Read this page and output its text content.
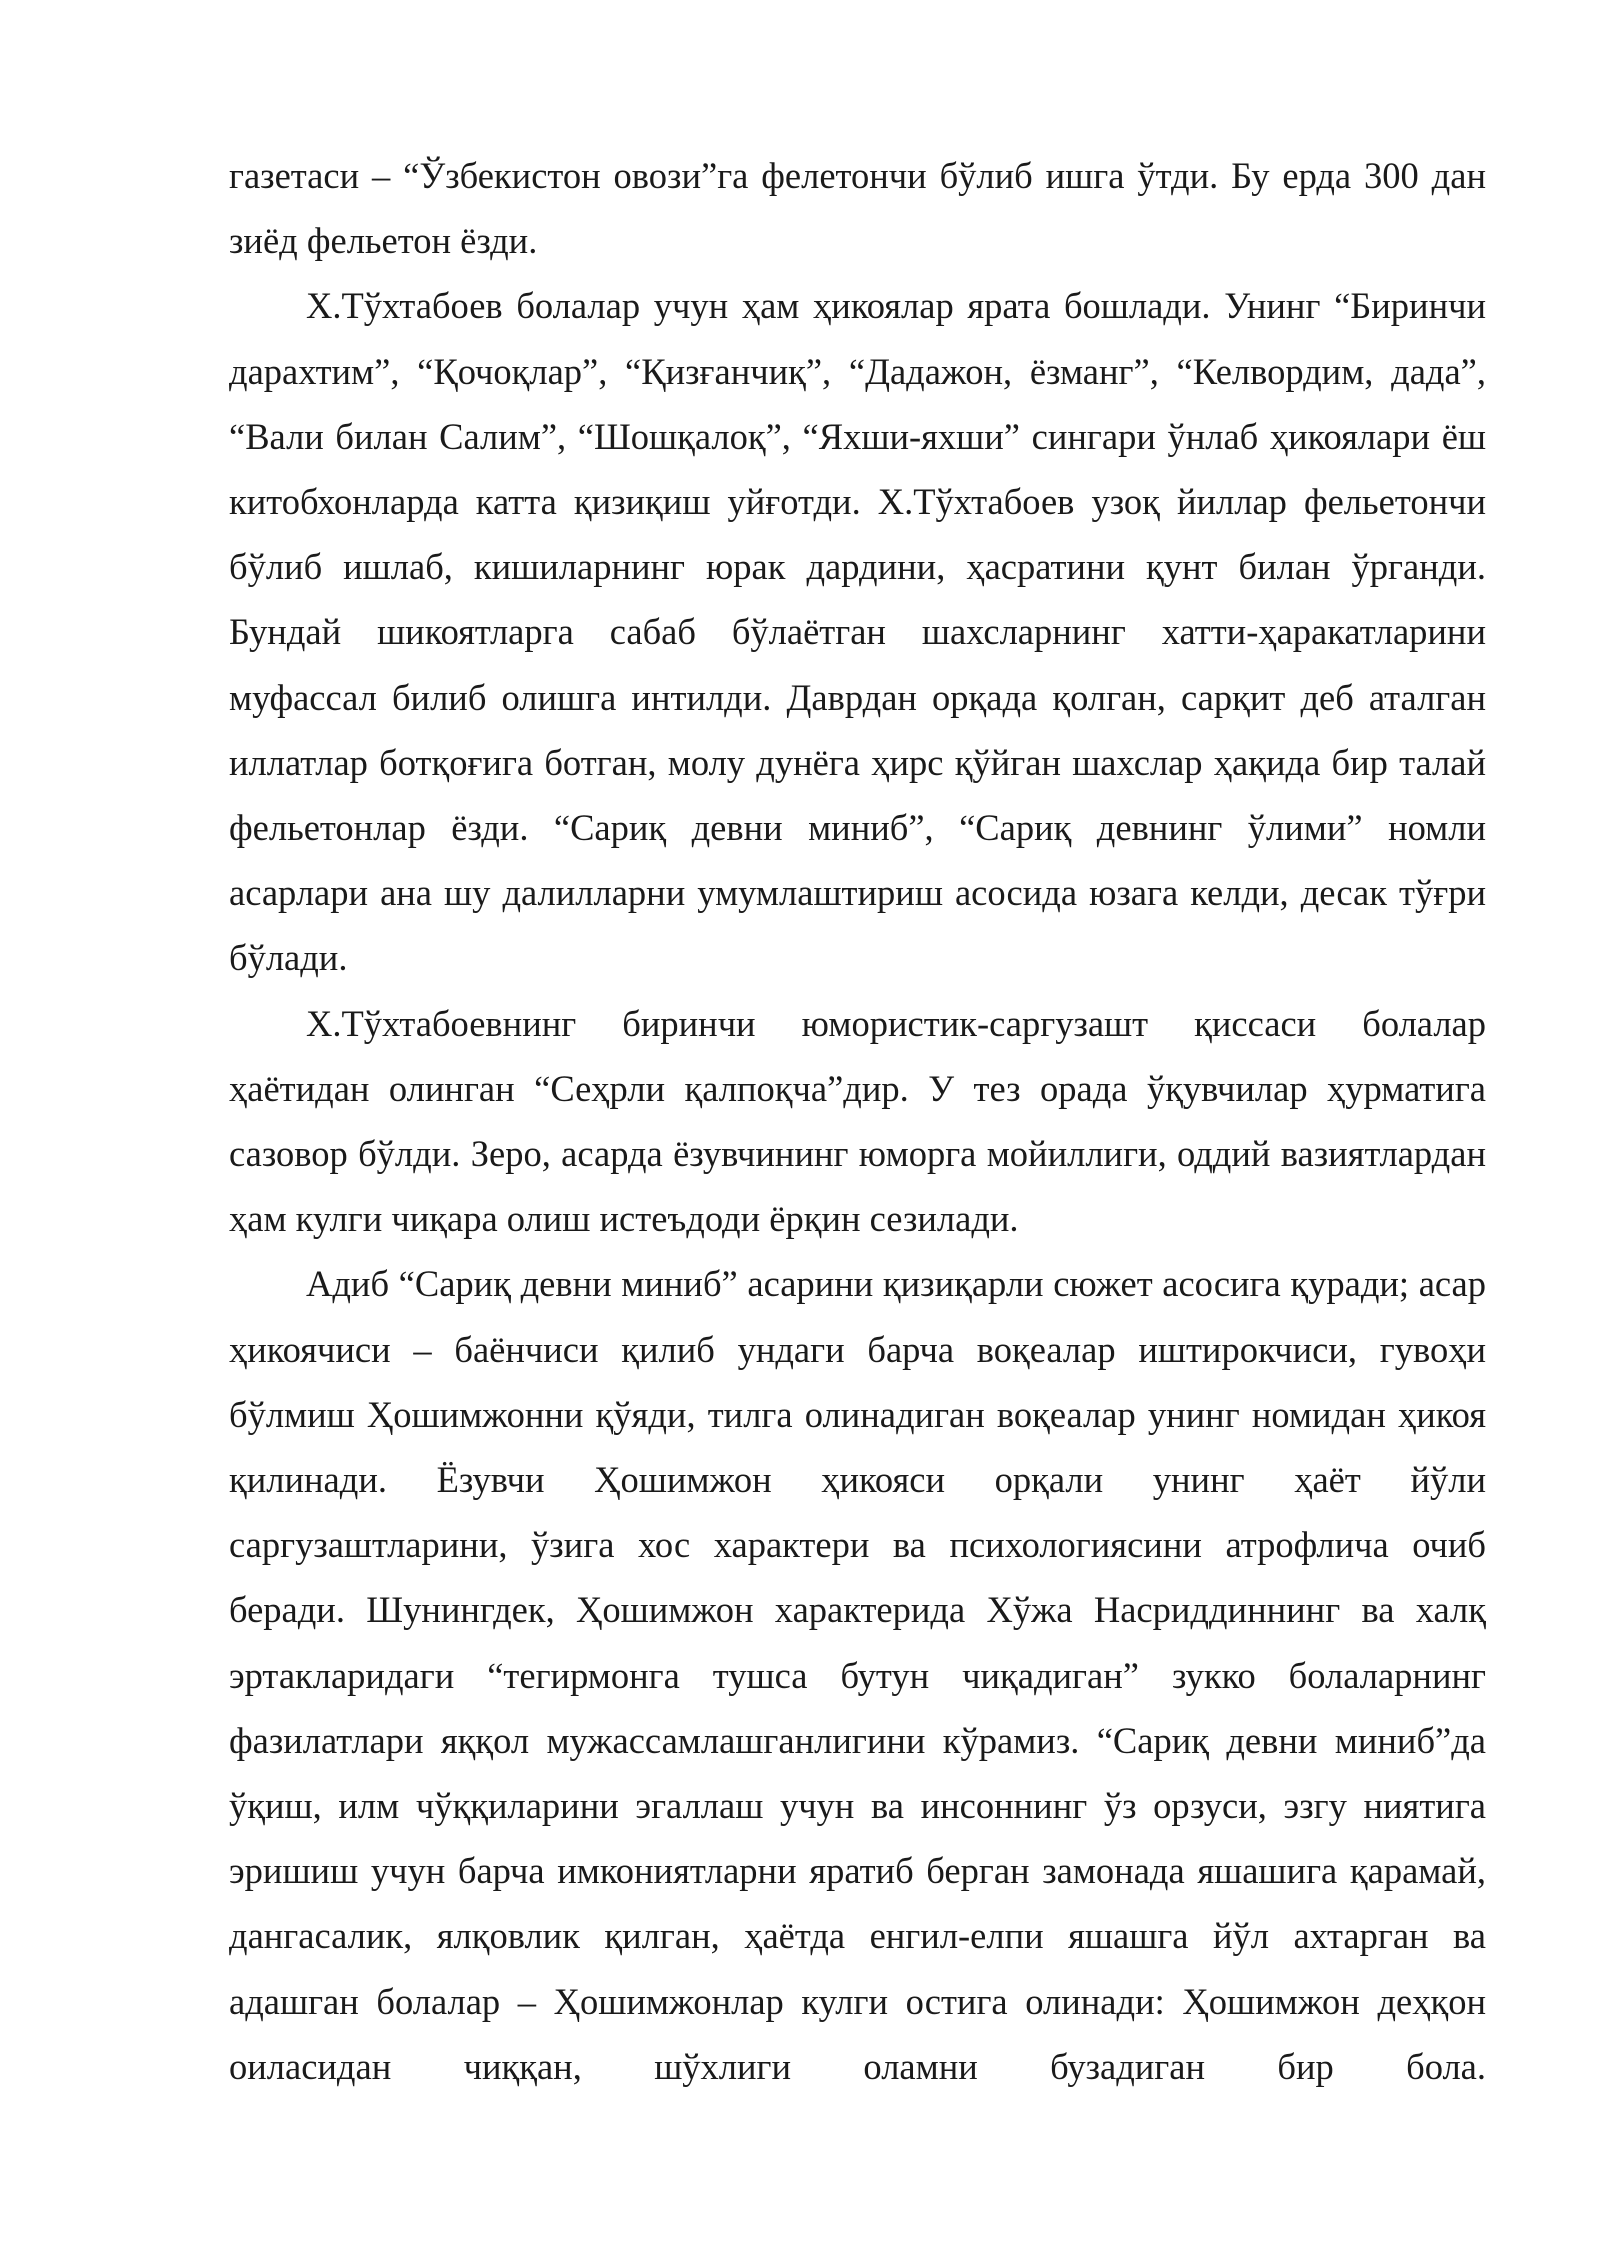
газетаси – “Ўзбекистон овози”га фелетончи бўлиб ишга ўтди. Бу ерда 300 дан зиёд фельетон ёзди.

Х.Тўхтабоев болалар учун ҳам ҳикоялар ярата бошлади. Унинг “Биринчи дарахтим”, “Қочоқлар”, “Қизғанчиқ”, “Дадажон, ёзманг”, “Келвордим, дада”, “Вали билан Салим”, “Шошқалоқ”, “Яхши-яхши” сингари ўнлаб ҳикоялари ёш китобхонларда катта қизиқиш уйғотди. Х.Тўхтабоев узоқ йиллар фельетончи бўлиб ишлаб, кишиларнинг юрак дардини, ҳасратини қунт билан ўрганди. Бундай шикоятларга сабаб бўлаётган шахсларнинг хатти-ҳаракатларини муфассал билиб олишга интилди. Даврдан орқада қолган, сарқит деб аталган иллатлар ботқоғига ботган, молу дунёга ҳирс қўйган шахслар ҳақида бир талай фельетонлар ёзди. “Сариқ девни миниб”, “Сариқ девнинг ўлими” номли асарлари ана шу далилларни умумлаштириш асосида юзага келди, десак тўғри бўлади.

Х.Тўхтабоевнинг биринчи юмористик-саргузашт қиссаси болалар ҳаётидан олинган “Сеҳрли қалпоқча”дир. У тез орада ўқувчилар ҳурматига сазовор бўлди. Зеро, асарда ёзувчининг юморга мойиллиги, оддий вазиятлардан ҳам кулги чиқара олиш истеъдоди ёрқин сезилади.

Адиб “Сариқ девни миниб” асарини қизиқарли сюжет асосига қуради; асар ҳикоячиси – баёнчиси қилиб ундаги барча воқеалар иштирокчиси, гувоҳи бўлмиш Ҳошимжонни қўяди, тилга олинадиган воқеалар унинг номидан ҳикоя қилинади. Ёзувчи Ҳошимжон ҳикояси орқали унинг ҳаёт йўли саргузаштларини, ўзига хос характери ва психологиясини атрофлича очиб беради. Шунингдек, Ҳошимжон характерида Хўжа Насриддиннинг ва халқ эртакларидаги “тегирмонга тушса бутун чиқадиган” зукко болаларнинг фазилатлари яққол мужассамлашганлигини кўрамиз. “Сариқ девни миниб”да ўқиш, илм чўққиларини эгаллаш учун ва инсоннинг ўз орзуси, эзгу ниятига эришиш учун барча имкониятларни яратиб берган замонада яшашига қарамай, дангасалик, ялқовлик қилган, ҳаётда енгил-елпи яшашга йўл ахтарган ва адашган болалар – Ҳошимжонлар кулги остига олинади: Ҳошимжон деҳқон оиласидан чиққан, шўхлиги оламни бузадиган бир бола.
